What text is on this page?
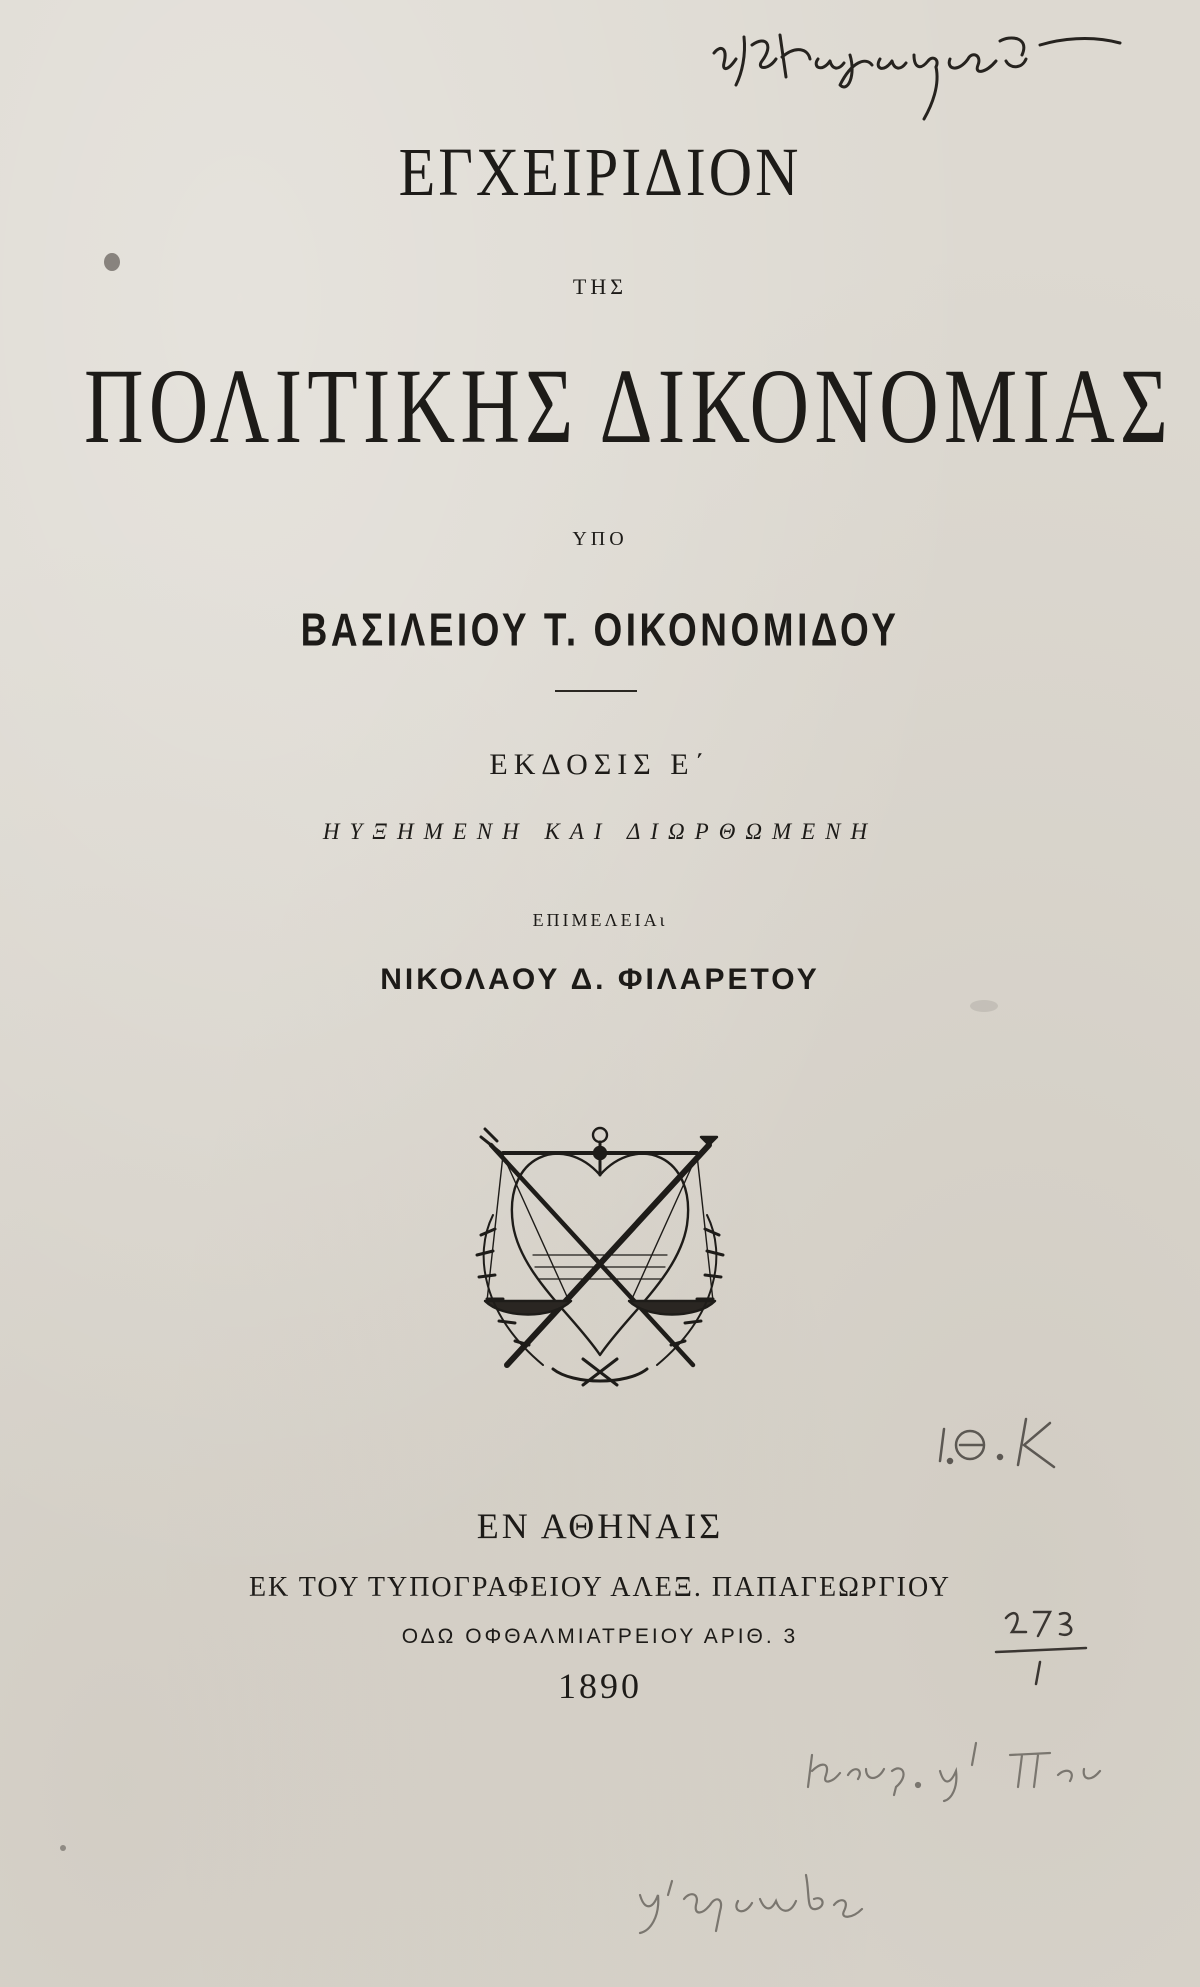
ΕΓΧΕΙΡΙΔΙΟΝ
ΤΗΣ
ΠΟΛΙΤΙΚΗΣ ΔΙΚΟΝΟΜΙΑΣ
ΥΠΟ
ΒΑΣΙΛΕΙΟΥ Τ. ΟΙΚΟΝΟΜΙΔΟΥ
ΕΚΔΟΣΙΣ Ε΄
ΗΥΞΗΜΕΝΗ ΚΑΙ ΔΙΩΡΘΩΜΕΝΗ
ΕΠΙΜΕΛΕΙΑι
ΝΙΚΟΛΑΟΥ Δ. ΦΙΛΑΡΕΤΟΥ
ΕΝ ΑΘΗΝΑΙΣ
ΕΚ ΤΟΥ ΤΥΠΟΓΡΑΦΕΙΟΥ ΑΛΕΞ. ΠΑΠΑΓΕΩΡΓΙΟΥ
ΟΔΩ ΟΦΘΑΛΜΙΑΤΡΕΙΟΥ ΑΡΙΘ. 3
1890
